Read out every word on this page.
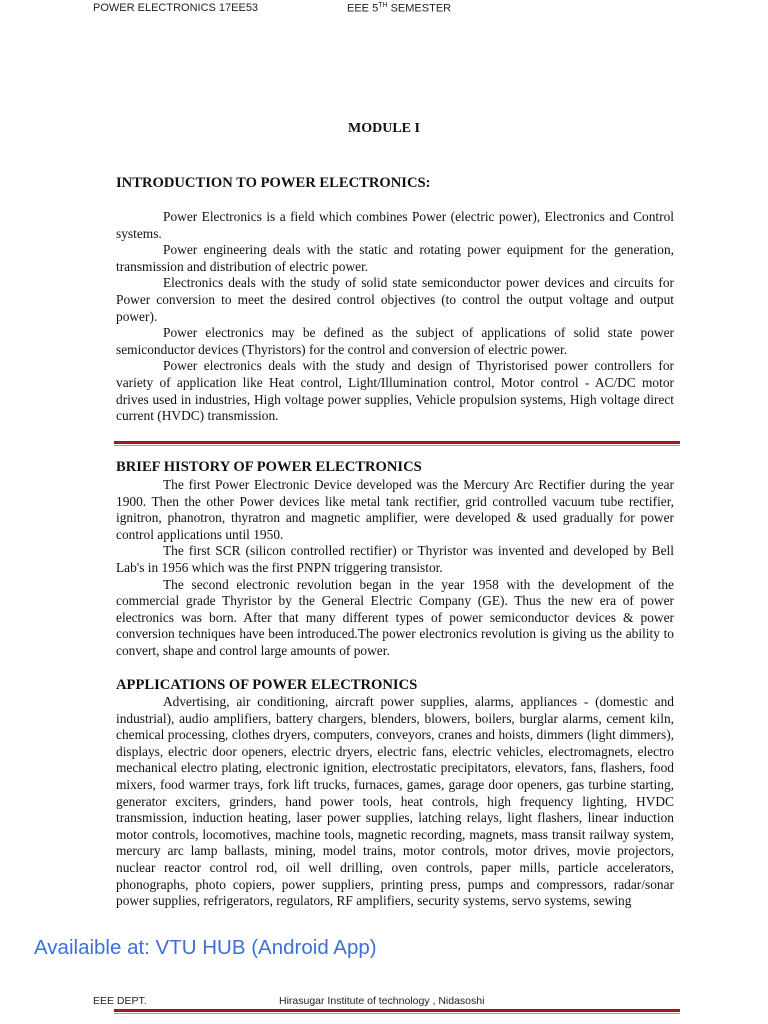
POWER ELECTRONICS 17EE53	EEE 5TH SEMESTER
MODULE I
INTRODUCTION TO POWER ELECTRONICS:

Power Electronics is a field which combines Power (electric power), Electronics and Control systems.

Power engineering deals with the static and rotating power equipment for the generation, transmission and distribution of electric power.

Electronics deals with the study of solid state semiconductor power devices and circuits for Power conversion to meet the desired control objectives (to control the output voltage and output power).

Power electronics may be defined as the subject of applications of solid state power semiconductor devices (Thyristors) for the control and conversion of electric power.

Power electronics deals with the study and design of Thyristorised power controllers for variety of application like Heat control, Light/Illumination control, Motor control - AC/DC motor drives used in industries, High voltage power supplies, Vehicle propulsion systems, High voltage direct current (HVDC) transmission.

BRIEF HISTORY OF POWER ELECTRONICS

The first Power Electronic Device developed was the Mercury Arc Rectifier during the year 1900. Then the other Power devices like metal tank rectifier, grid controlled vacuum tube rectifier, ignitron, phanotron, thyratron and magnetic amplifier, were developed & used gradually for power control applications until 1950.

The first SCR (silicon controlled rectifier) or Thyristor was invented and developed by Bell Lab's in 1956 which was the first PNPN triggering transistor.

The second electronic revolution began in the year 1958 with the development of the commercial grade Thyristor by the General Electric Company (GE). Thus the new era of power electronics was born. After that many different types of power semiconductor devices & power conversion techniques have been introduced.The power electronics revolution is giving us the ability to convert, shape and control large amounts of power.

APPLICATIONS OF POWER ELECTRONICS

Advertising, air conditioning, aircraft power supplies, alarms, appliances - (domestic and industrial), audio amplifiers, battery chargers, blenders, blowers, boilers, burglar alarms, cement kiln, chemical processing, clothes dryers, computers, conveyors, cranes and hoists, dimmers (light dimmers), displays, electric door openers, electric dryers, electric fans, electric vehicles, electromagnets, electro mechanical electro plating, electronic ignition, electrostatic precipitators, elevators, fans, flashers, food mixers, food warmer trays, fork lift trucks, furnaces, games, garage door openers, gas turbine starting, generator exciters, grinders, hand power tools, heat controls, high frequency lighting, HVDC transmission, induction heating, laser power supplies, latching relays, light flashers, linear induction motor controls, locomotives, machine tools, magnetic recording, magnets, mass transit railway system, mercury arc lamp ballasts, mining, model trains, motor controls, motor drives, movie projectors, nuclear reactor control rod, oil well drilling, oven controls, paper mills, particle accelerators, phonographs, photo copiers, power suppliers, printing press, pumps and compressors, radar/sonar power supplies, refrigerators, regulators, RF amplifiers, security systems, servo systems, sewing

Availaible at: VTU HUB (Android App)
EEE DEPT.	Hirasugar Institute of technology , Nidasoshi
